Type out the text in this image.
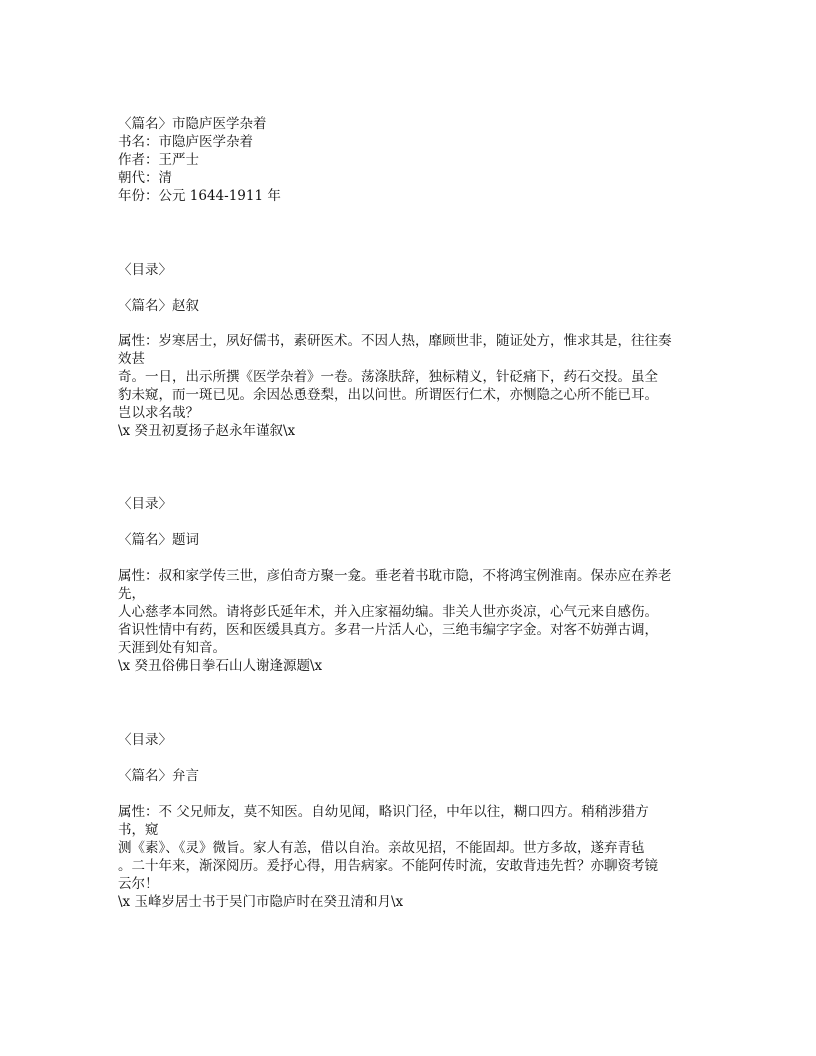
〈篇名〉市隐庐医学杂着
书名：市隐庐医学杂着
作者：王严士
朝代：清
年份：公元 1644-1911 年
〈目录〉
〈篇名〉赵叙
属性：岁寒居士，夙好儒书，素研医术。不因人热，靡顾世非，随证处方，惟求其是，往往奏
效甚
奇。一日，出示所撰《医学杂着》一卷。荡涤肤辞，独标精义，针砭痛下，药石交投。虽全
豹未窥，而一斑已见。余因怂恿登梨，出以问世。所谓医行仁术，亦恻隐之心所不能已耳。
岂以求名哉？
\x 癸丑初夏扬子赵永年谨叙\x
〈目录〉
〈篇名〉题词
属性：叔和家学传三世，彦伯奇方聚一龛。垂老着书耽市隐，不将鸿宝例淮南。保赤应在养老
先，
人心慈孝本同然。请将彭氏延年术，并入庄家福幼编。非关人世亦炎凉，心气元来自感伤。
省识性情中有药，医和医缓具真方。多君一片活人心，三绝韦编字字金。对客不妨弹古调，
天涯到处有知音。
\x 癸丑俗佛日拳石山人谢逢源题\x
〈目录〉
〈篇名〉弁言
属性：不 父兄师友，莫不知医。自幼见闻，略识门径，中年以往，糊口四方。稍稍涉猎方
书，窥
测《素》、《灵》微旨。家人有恙，借以自治。亲故见招，不能固却。世方多故，遂弃青毡
。二十年来，渐深阅历。爰抒心得，用告病家。不能阿传时流，安敢背违先哲？亦聊资考镜
云尔！
\x 玉峰岁居士书于吴门市隐庐时在癸丑清和月\x
